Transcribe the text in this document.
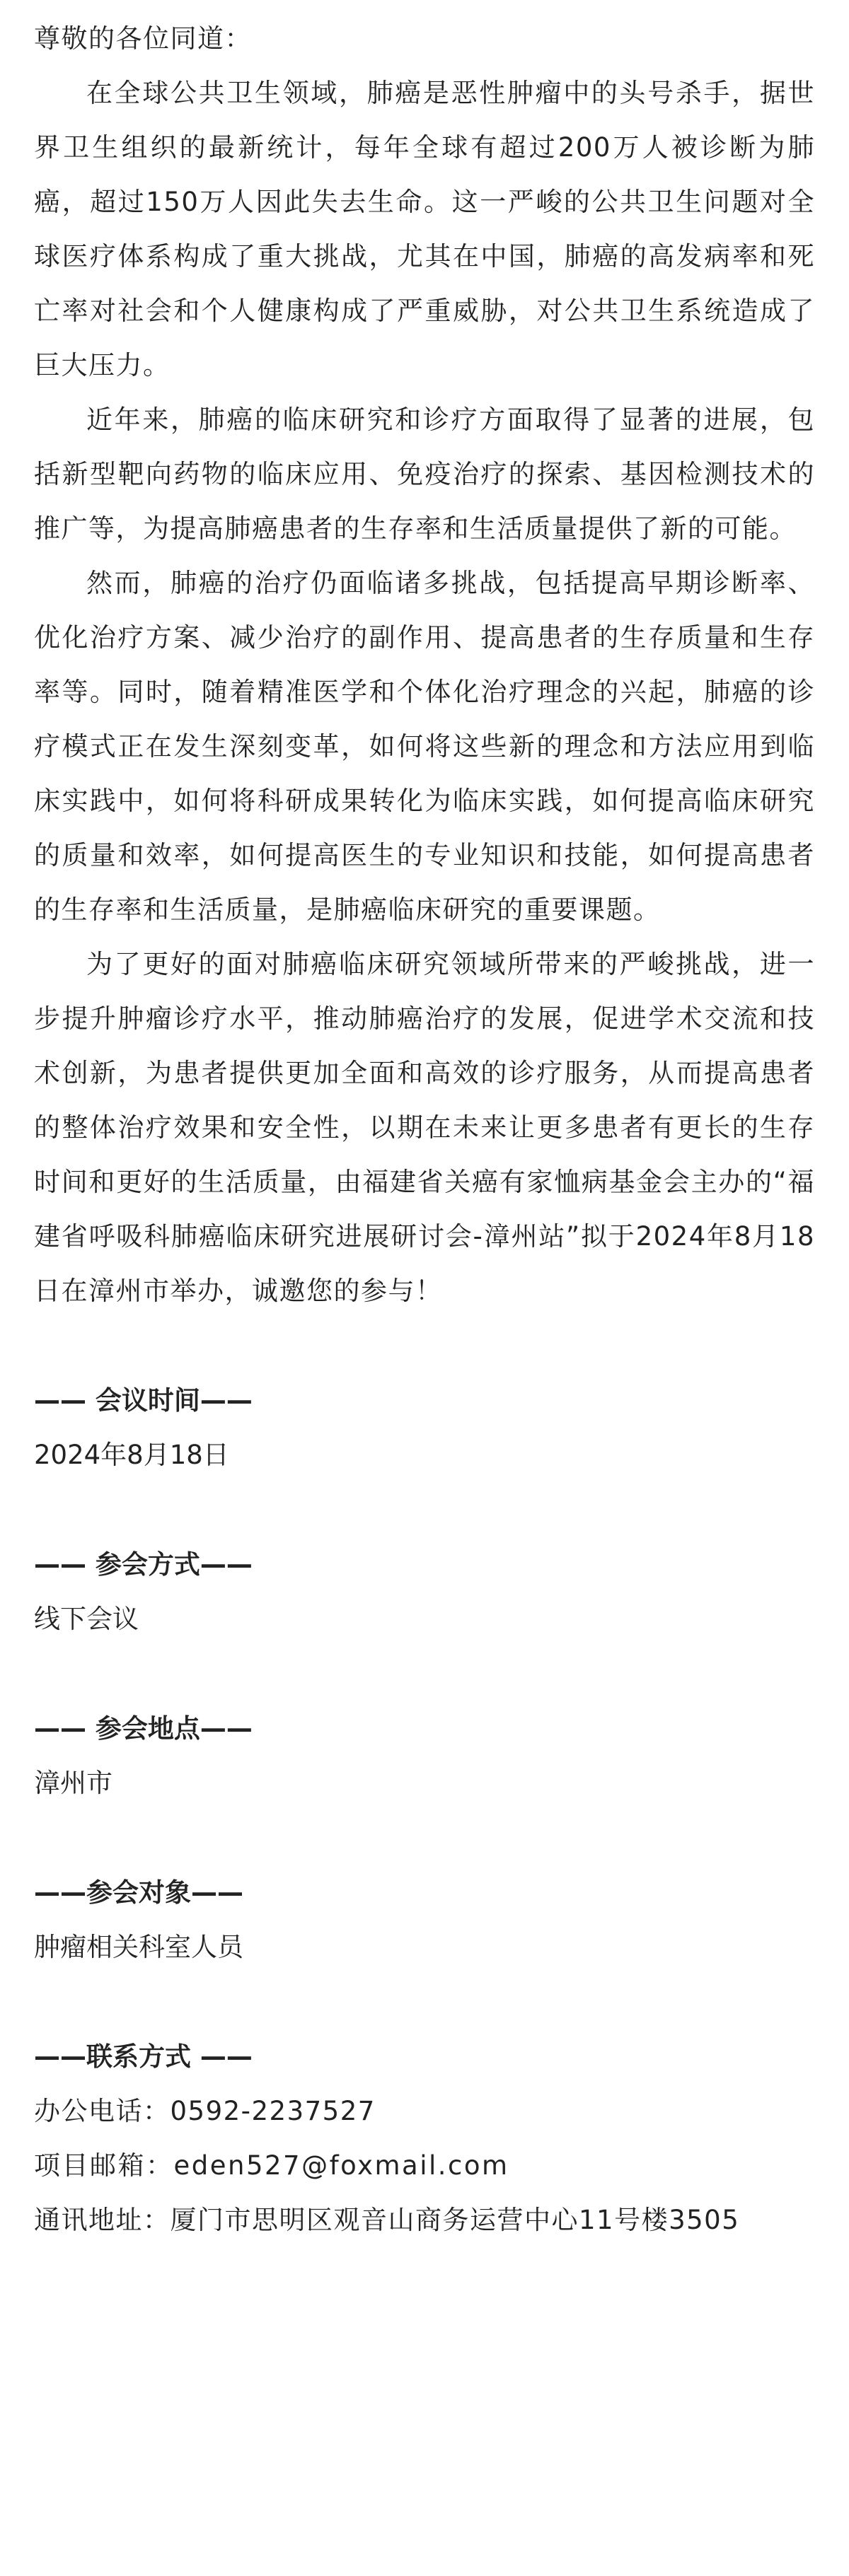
尊敬的各位同道：

在全球公共卫生领域，肺癌是恶性肿瘤中的头号杀手，据世界卫生组织的最新统计，每年全球有超过200万人被诊断为肺癌，超过150万人因此失去生命。这一严峻的公共卫生问题对全球医疗体系构成了重大挑战，尤其在中国，肺癌的高发病率和死亡率对社会和个人健康构成了严重威胁，对公共卫生系统造成了巨大压力。

近年来，肺癌的临床研究和诊疗方面取得了显著的进展，包括新型靶向药物的临床应用、免疫治疗的探索、基因检测技术的推广等，为提高肺癌患者的生存率和生活质量提供了新的可能。

然而，肺癌的治疗仍面临诸多挑战，包括提高早期诊断率、优化治疗方案、减少治疗的副作用、提高患者的生存质量和生存率等。同时，随着精准医学和个体化治疗理念的兴起，肺癌的诊疗模式正在发生深刻变革，如何将这些新的理念和方法应用到临床实践中，如何将科研成果转化为临床实践，如何提高临床研究的质量和效率，如何提高医生的专业知识和技能，如何提高患者的生存率和生活质量，是肺癌临床研究的重要课题。

为了更好的面对肺癌临床研究领域所带来的严峻挑战，进一步提升肿瘤诊疗水平，推动肺癌治疗的发展，促进学术交流和技术创新，为患者提供更加全面和高效的诊疗服务，从而提高患者的整体治疗效果和安全性，以期在未来让更多患者有更长的生存时间和更好的生活质量，由福建省关癌有家恤病基金会主办的“福建省呼吸科肺癌临床研究进展研讨会-漳州站”拟于2024年8月18日在漳州市举办，诚邀您的参与！

—— 会议时间——

2024年8月18日

—— 参会方式——

线下会议

—— 参会地点——

漳州市

——参会对象——

肿瘤相关科室人员

——联系方式 ——

办公电话：0592-2237527

项目邮箱：eden527@foxmail.com

通讯地址：厦门市思明区观音山商务运营中心11号楼3505
